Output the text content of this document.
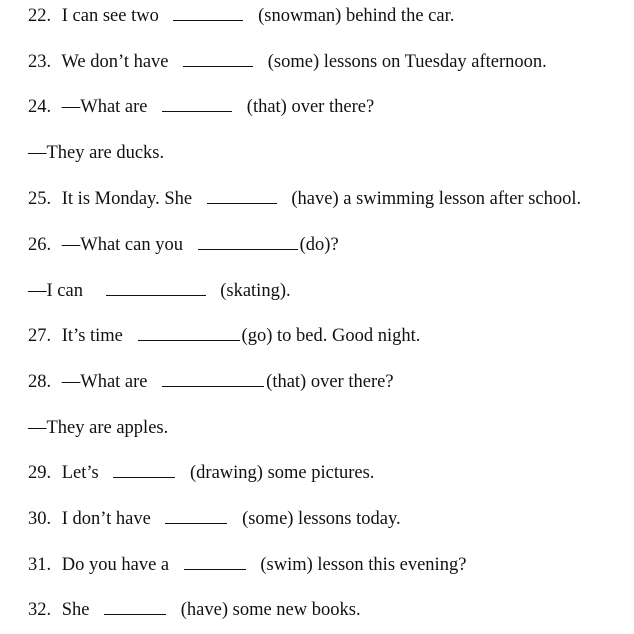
22. I can see two	(snowman) behind the car.
23. We don’t have	(some) lessons on Tuesday afternoon.
24. —What are	(that) over there?
—They are ducks.
25. It is Monday. She	(have) a swimming lesson after school.
26. —What can you	(do)?
—I can	(skating).
27. It’s time	(go) to bed. Good night.
28. —What are	(that) over there?
—They are apples.
29. Let’s	(drawing) some pictures.
30. I don’t have	(some) lessons today.
31. Do you have a	(swim) lesson this evening?
32. She	(have) some new books.
